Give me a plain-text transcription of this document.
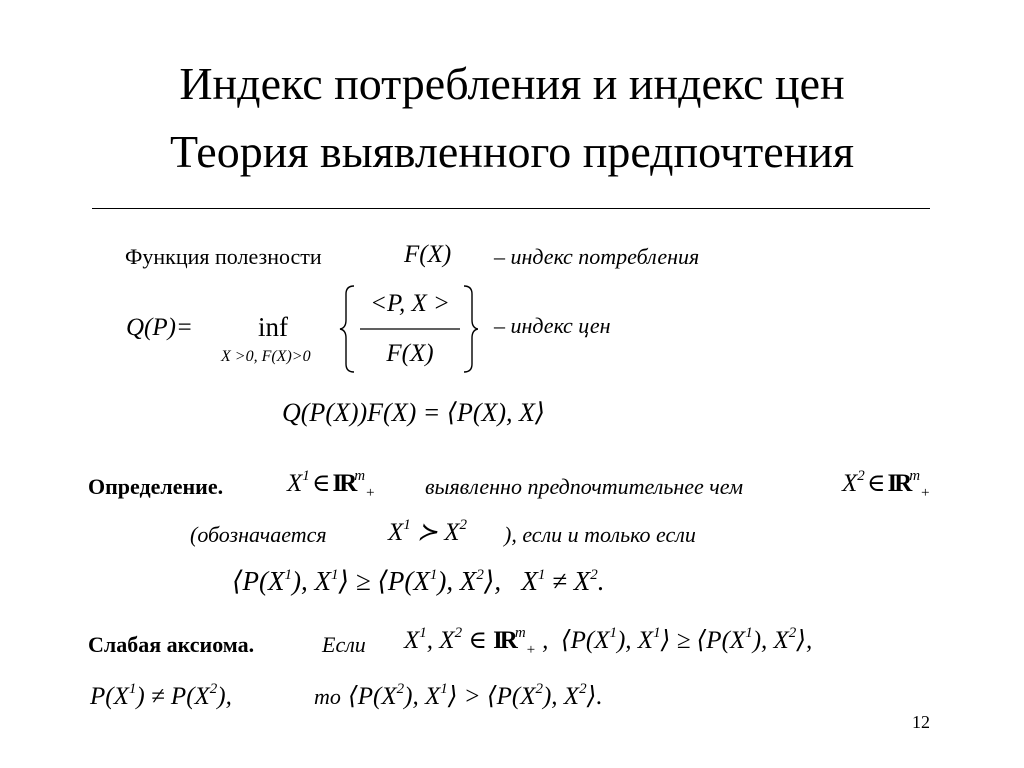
Индекс потребления и индекс цен
Теория выявленного предпочтения
Функция полезности	F(X) – индекс потребления
Q(P)= inf
X >0, F(X)>0
<P, X >
F(X)
– индекс цен
Q(P(X))F(X) = ⟨P(X), X⟩
Определение.	$X^1$ ∈ $IR^m_+$ выявленно предпочтительнее чем	$X^2$ ∈ $IR^m_+$
(обозначается $X^1$ ≻ $X^2$ ), если и только если
$⟨P(X^1)$, $X^1⟩$ ≥ $⟨P(X^1)$, $X^2⟩$,   $X^1 \ne X^2$.
Слабая аксиома.	Если $X^1$, $X^2$ ∈ $IR^m_+$ ,  $⟨P(X^1)$, $X^1⟩$ ≥ $⟨P(X^1)$, $X^2⟩$,
$P(X^1) \ne P(X^2)$,	то $⟨P(X^2)$, $X^1⟩$ > $⟨P(X^2)$, $X^2⟩$.
12
